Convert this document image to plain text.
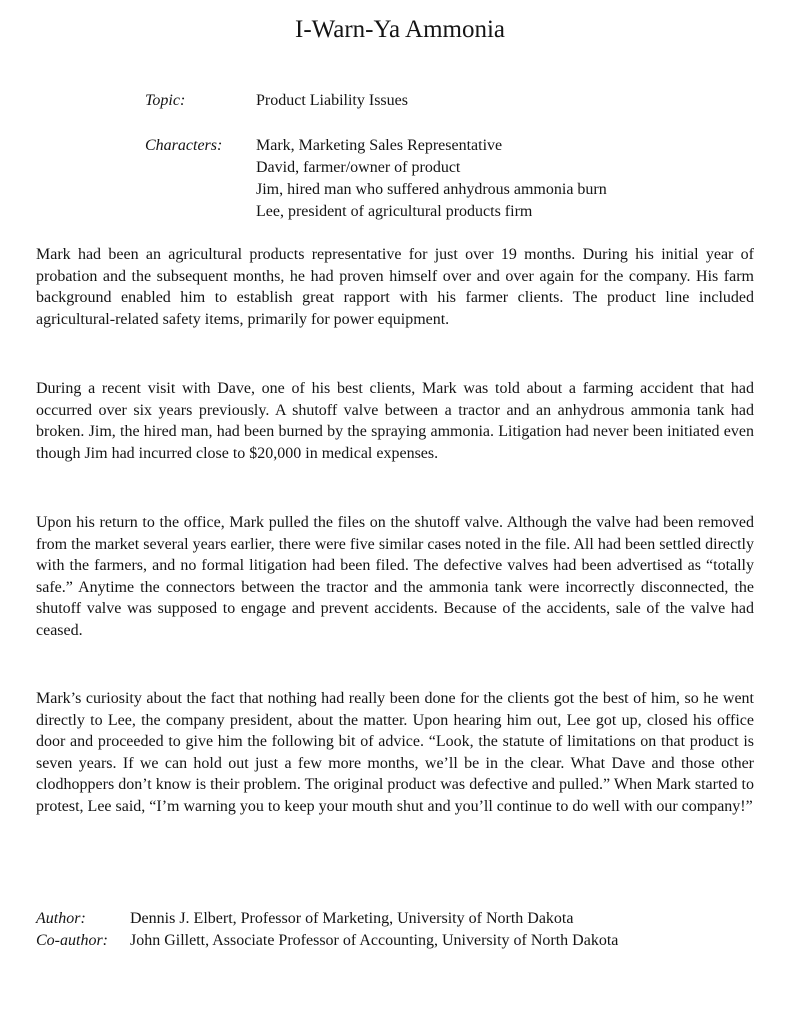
I-Warn-Ya Ammonia
Topic:	Product Liability Issues
Characters: Mark, Marketing Sales Representative
David, farmer/owner of product
Jim, hired man who suffered anhydrous ammonia burn
Lee, president of agricultural products firm

Mark had been an agricultural products representative for just over 19 months. During his initial year of probation and the subsequent months, he had proven himself over and over again for the company. His farm background enabled him to establish great rapport with his farmer clients. The product line included agricultural-related safety items, primarily for power equipment.

During a recent visit with Dave, one of his best clients, Mark was told about a farming accident that had occurred over six years previously. A shutoff valve between a tractor and an anhydrous ammonia tank had broken. Jim, the hired man, had been burned by the spraying ammonia. Litigation had never been initiated even though Jim had incurred close to $20,000 in medical expenses.

Upon his return to the office, Mark pulled the files on the shutoff valve. Although the valve had been removed from the market several years earlier, there were five similar cases noted in the file. All had been settled directly with the farmers, and no formal litigation had been filed. The defective valves had been advertised as “totally safe.” Anytime the connectors between the tractor and the ammonia tank were incorrectly disconnected, the shutoff valve was supposed to engage and prevent accidents. Because of the accidents, sale of the valve had ceased.

Mark’s curiosity about the fact that nothing had really been done for the clients got the best of him, so he went directly to Lee, the company president, about the matter. Upon hearing him out, Lee got up, closed his office door and proceeded to give him the following bit of advice. “Look, the statute of limitations on that product is seven years. If we can hold out just a few more months, we’ll be in the clear. What Dave and those other clodhoppers don’t know is their problem. The original product was defective and pulled.” When Mark started to protest, Lee said, “I’m warning you to keep your mouth shut and you’ll continue to do well with our company!”

Author:	Dennis J. Elbert, Professor of Marketing, University of North Dakota
Co-author: John Gillett, Associate Professor of Accounting, University of North Dakota
